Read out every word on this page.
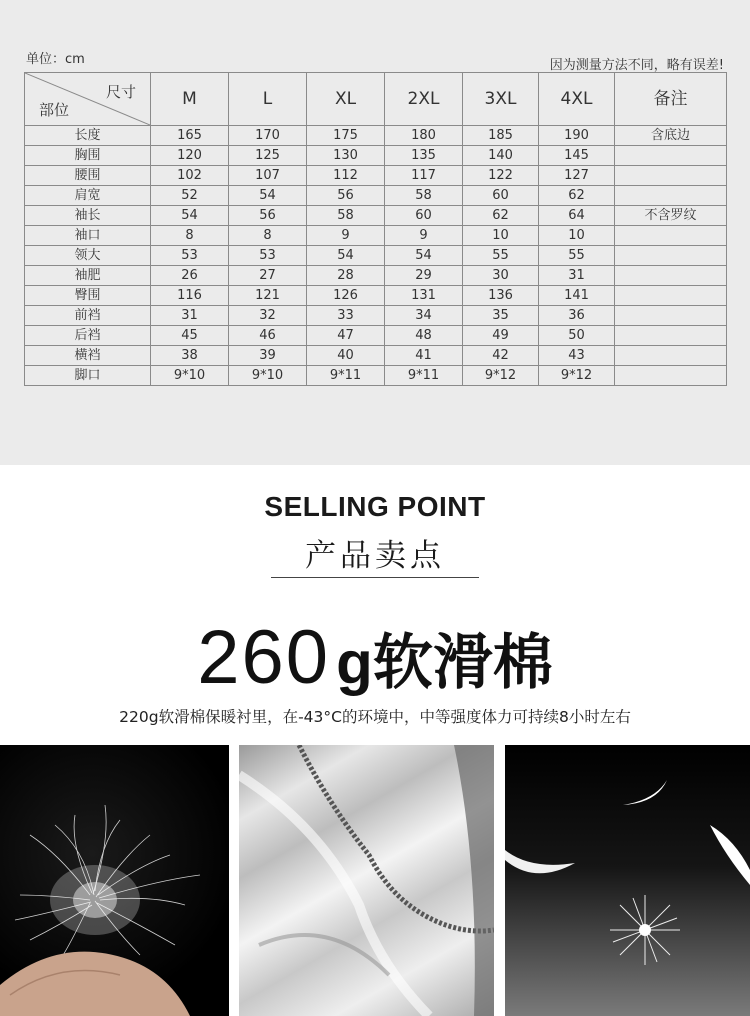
单位：cm	因为测量方法不同，略有误差!
尺寸
部位	M	L	XL	2XL	3XL	4XL	备注
长度	165	170	175	180	185	190	含底边
胸围	120	125	130	135	140	145	
腰围	102	107	112	117	122	127	
肩宽	52	54	56	58	60	62	
袖长	54	56	58	60	62	64	不含罗纹
袖口	8	8	9	9	10	10	
领大	53	53	54	54	55	55	
袖肥	26	27	28	29	30	31	
臀围	116	121	126	131	136	141	
前裆	31	32	33	34	35	36	
后裆	45	46	47	48	49	50	
横裆	38	39	40	41	42	43	
脚口	9*10	9*10	9*11	9*11	9*12	9*12	
SELLING POINT
产品卖点
260 g软滑棉
220g软滑棉保暖衬里，在-43°C的环境中，中等强度体力可持续8小时左右
